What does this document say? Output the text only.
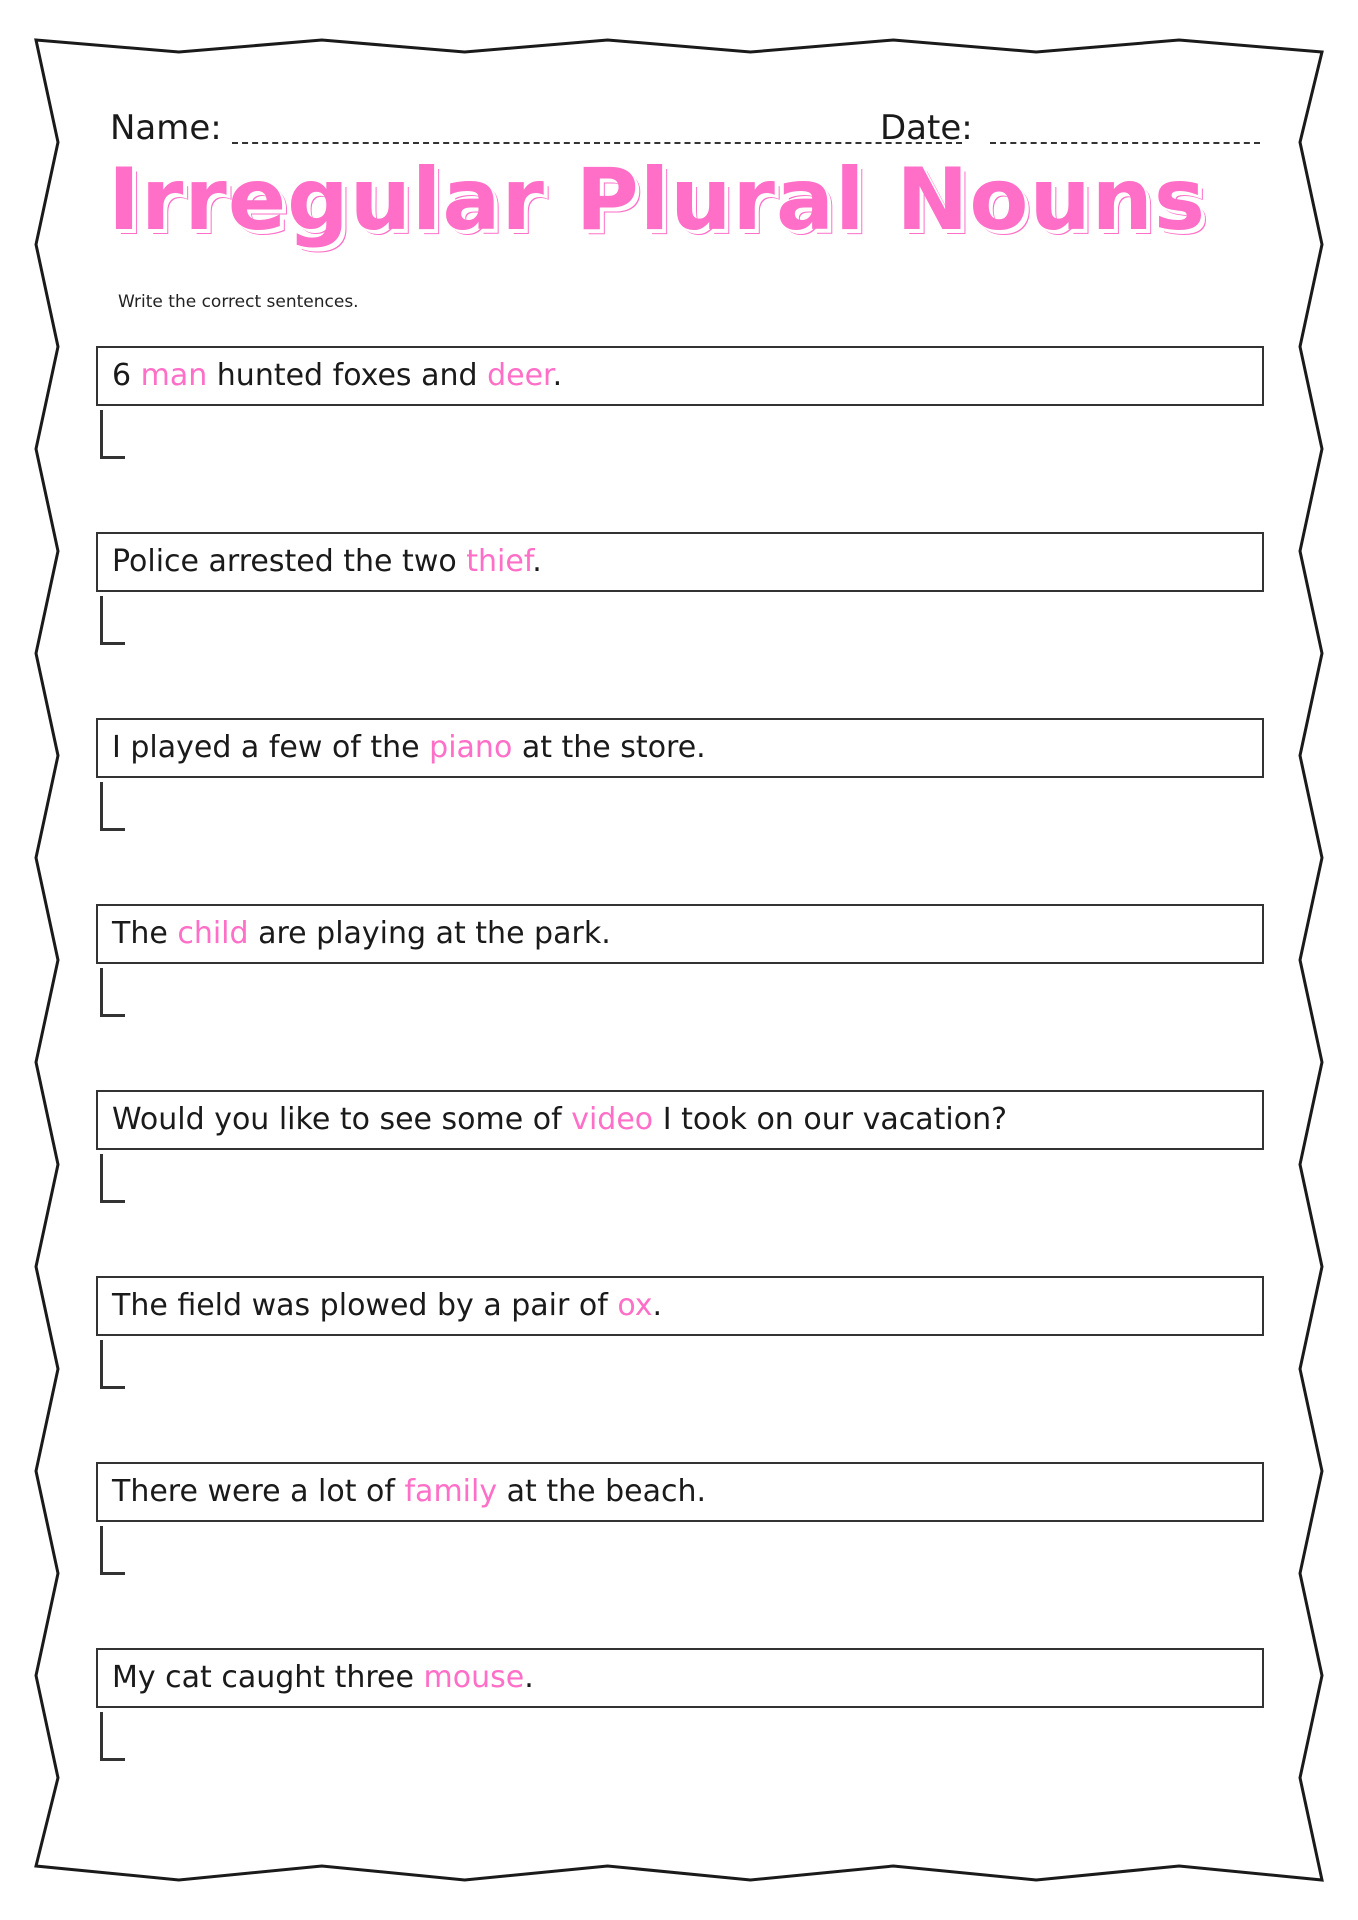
Name:	Date:
Irregular Plural Nouns
Write the correct sentences.
6 man hunted foxes and deer.
Police arrested the two thief.
I played a few of the piano at the store.
The child are playing at the park.
Would you like to see some of video I took on our vacation?
The field was plowed by a pair of ox.
There were a lot of family at the beach.
My cat caught three mouse.
